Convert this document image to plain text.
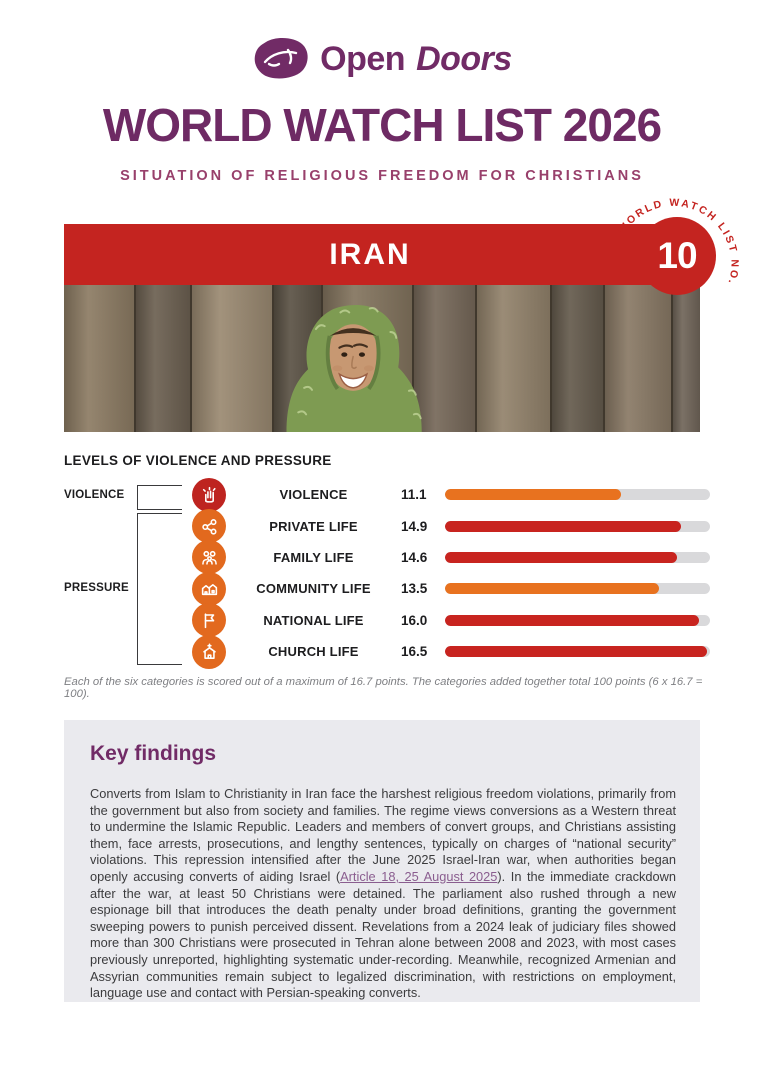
Open Doors
WORLD WATCH LIST 2026
SITUATION OF RELIGIOUS FREEDOM FOR CHRISTIANS
IRAN
WORLD WATCH LIST NO.
10
LEVELS OF VIOLENCE AND PRESSURE
VIOLENCE
PRESSURE
VIOLENCE	11.1
PRIVATE LIFE	14.9
FAMILY LIFE	14.6
COMMUNITY LIFE	13.5
NATIONAL LIFE	16.0
CHURCH LIFE	16.5
Each of the six categories is scored out of a maximum of 16.7 points. The categories added together total 100 points (6 x 16.7 = 100).
Key findings
Converts from Islam to Christianity in Iran face the harshest religious freedom violations, primarily from the government but also from society and families. The regime views conversions as a Western threat to undermine the Islamic Republic. Leaders and members of convert groups, and Christians assisting them, face arrests, prosecutions, and lengthy sentences, typically on charges of “national security” violations. This repression intensified after the June 2025 Israel-Iran war, when authorities began openly accusing converts of aiding Israel (Article 18, 25 August 2025). In the immediate crackdown after the war, at least 50 Christians were detained. The parliament also rushed through a new espionage bill that introduces the death penalty under broad definitions, granting the government sweeping powers to punish perceived dissent. Revelations from a 2024 leak of judiciary files showed more than 300 Christians were prosecuted in Tehran alone between 2008 and 2023, with most cases previously unreported, highlighting systematic under-recording. Meanwhile, recognized Armenian and Assyrian communities remain subject to legalized discrimination, with restrictions on employment, language use and contact with Persian-speaking converts.
